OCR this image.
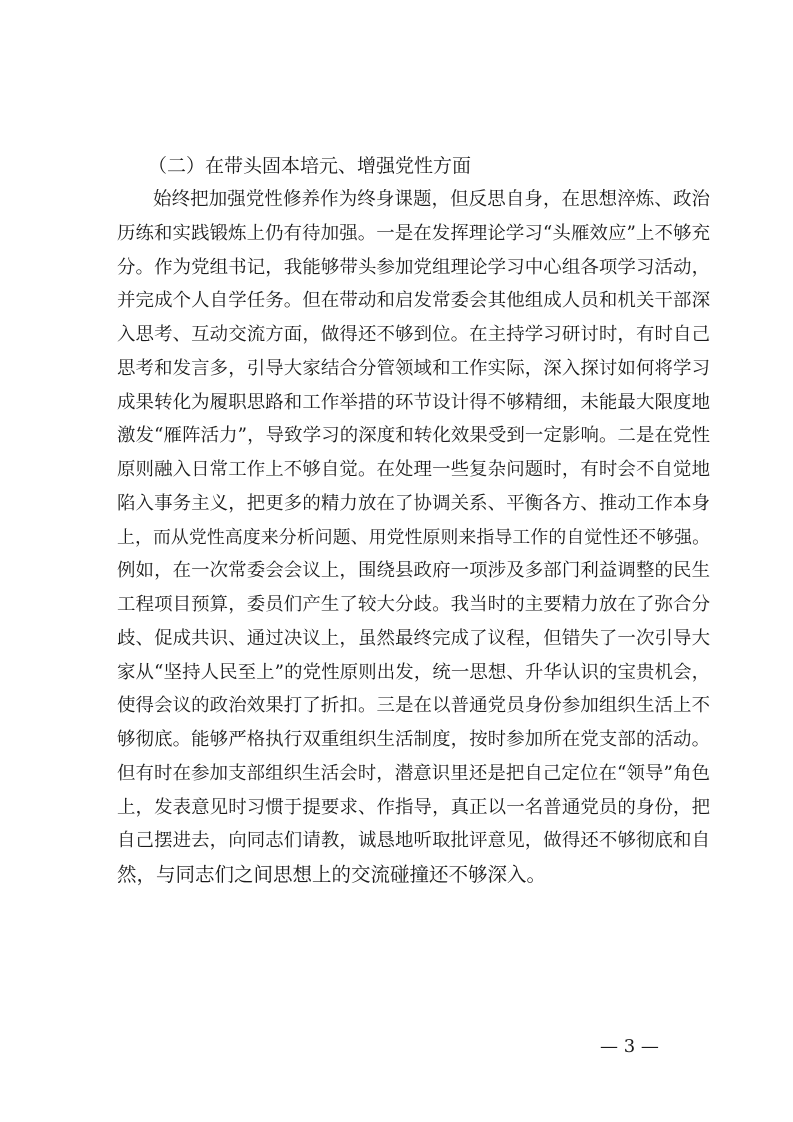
（二）在带头固本培元、增强党性方面
始终把加强党性修养作为终身课题，但反思自身，在思想淬炼、政治
历练和实践锻炼上仍有待加强。一是在发挥理论学习“头雁效应”上不够充
分。作为党组书记，我能够带头参加党组理论学习中心组各项学习活动，
并完成个人自学任务。但在带动和启发常委会其他组成人员和机关干部深
入思考、互动交流方面，做得还不够到位。在主持学习研讨时，有时自己
思考和发言多，引导大家结合分管领域和工作实际，深入探讨如何将学习
成果转化为履职思路和工作举措的环节设计得不够精细，未能最大限度地
激发“雁阵活力”，导致学习的深度和转化效果受到一定影响。二是在党性
原则融入日常工作上不够自觉。在处理一些复杂问题时，有时会不自觉地
陷入事务主义，把更多的精力放在了协调关系、平衡各方、推动工作本身
上，而从党性高度来分析问题、用党性原则来指导工作的自觉性还不够强。
例如，在一次常委会会议上，围绕县政府一项涉及多部门利益调整的民生
工程项目预算，委员们产生了较大分歧。我当时的主要精力放在了弥合分
歧、促成共识、通过决议上，虽然最终完成了议程，但错失了一次引导大
家从“坚持人民至上”的党性原则出发，统一思想、升华认识的宝贵机会，
使得会议的政治效果打了折扣。三是在以普通党员身份参加组织生活上不
够彻底。能够严格执行双重组织生活制度，按时参加所在党支部的活动。
但有时在参加支部组织生活会时，潜意识里还是把自己定位在“领导”角色
上，发表意见时习惯于提要求、作指导，真正以一名普通党员的身份，把
自己摆进去，向同志们请教，诚恳地听取批评意见，做得还不够彻底和自
然，与同志们之间思想上的交流碰撞还不够深入。
— 3 —
